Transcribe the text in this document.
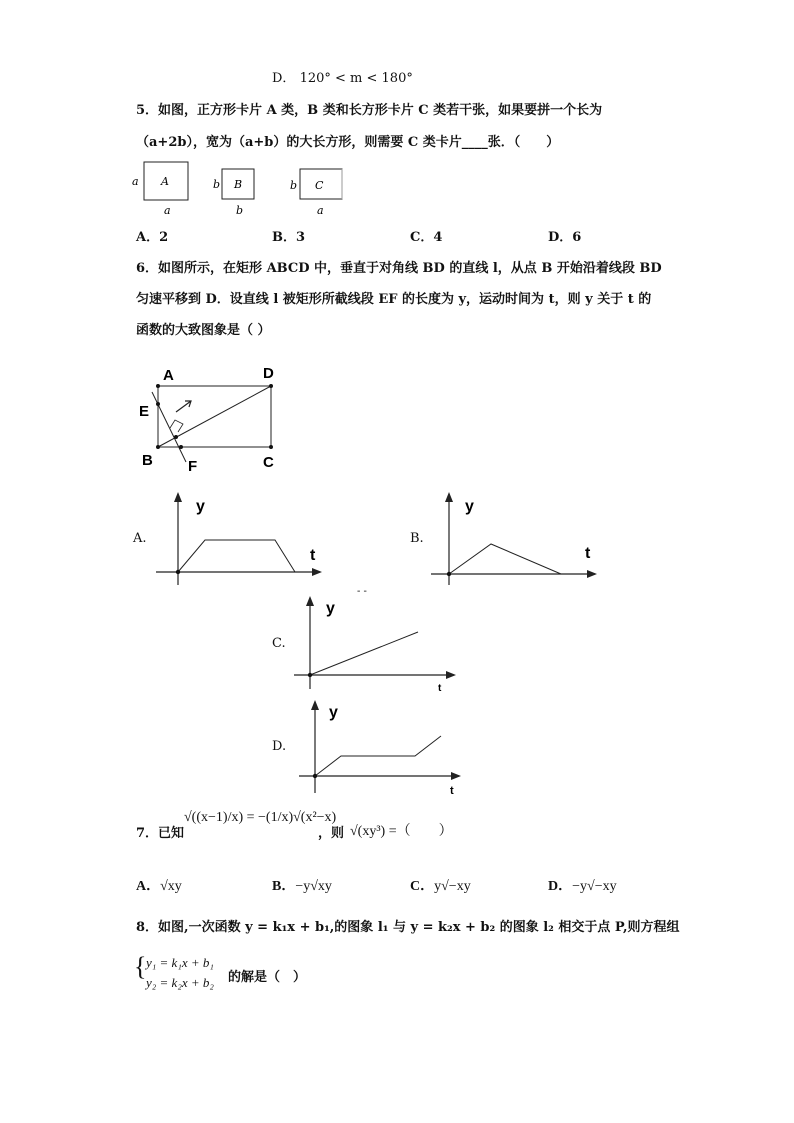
D． 120° < m < 180°
5．如图，正方形卡片 A 类，B 类和长方形卡片 C 类若干张，如果要拼一个长为
（a+2b），宽为（a+b）的大长方形，则需要 C 类卡片____张．（　　）
A
a
a
B
b
b
C
b
a
A．2	B．3	C．4	D．6
6．如图所示，在矩形 ABCD 中，垂直于对角线 BD 的直线 l，从点 B 开始沿着线段 BD
匀速平移到 D．设直线 l 被矩形所截线段 EF 的长度为 y，运动时间为 t，则 y 关于 t 的
函数的大致图象是（ ）
A	D
E
B F	C
A.
y
t
B.
y
t
- -
C.
y
t
D.
y
t
7．已知
√((x−1)/x) = −(1/x)√(x²−x)
，则 √(xy³) =（　　）
A．√xy	B．−y√xy	C．y√−xy	D．−y√−xy
8．如图,一次函数 y = k₁x + b₁,的图象 l₁ 与 y = k₂x + b₂ 的图象 l₂ 相交于点 P,则方程组
{ y₁ = k₁x + b₁
y₂ = k₂x + b₂ 的解是（　）
